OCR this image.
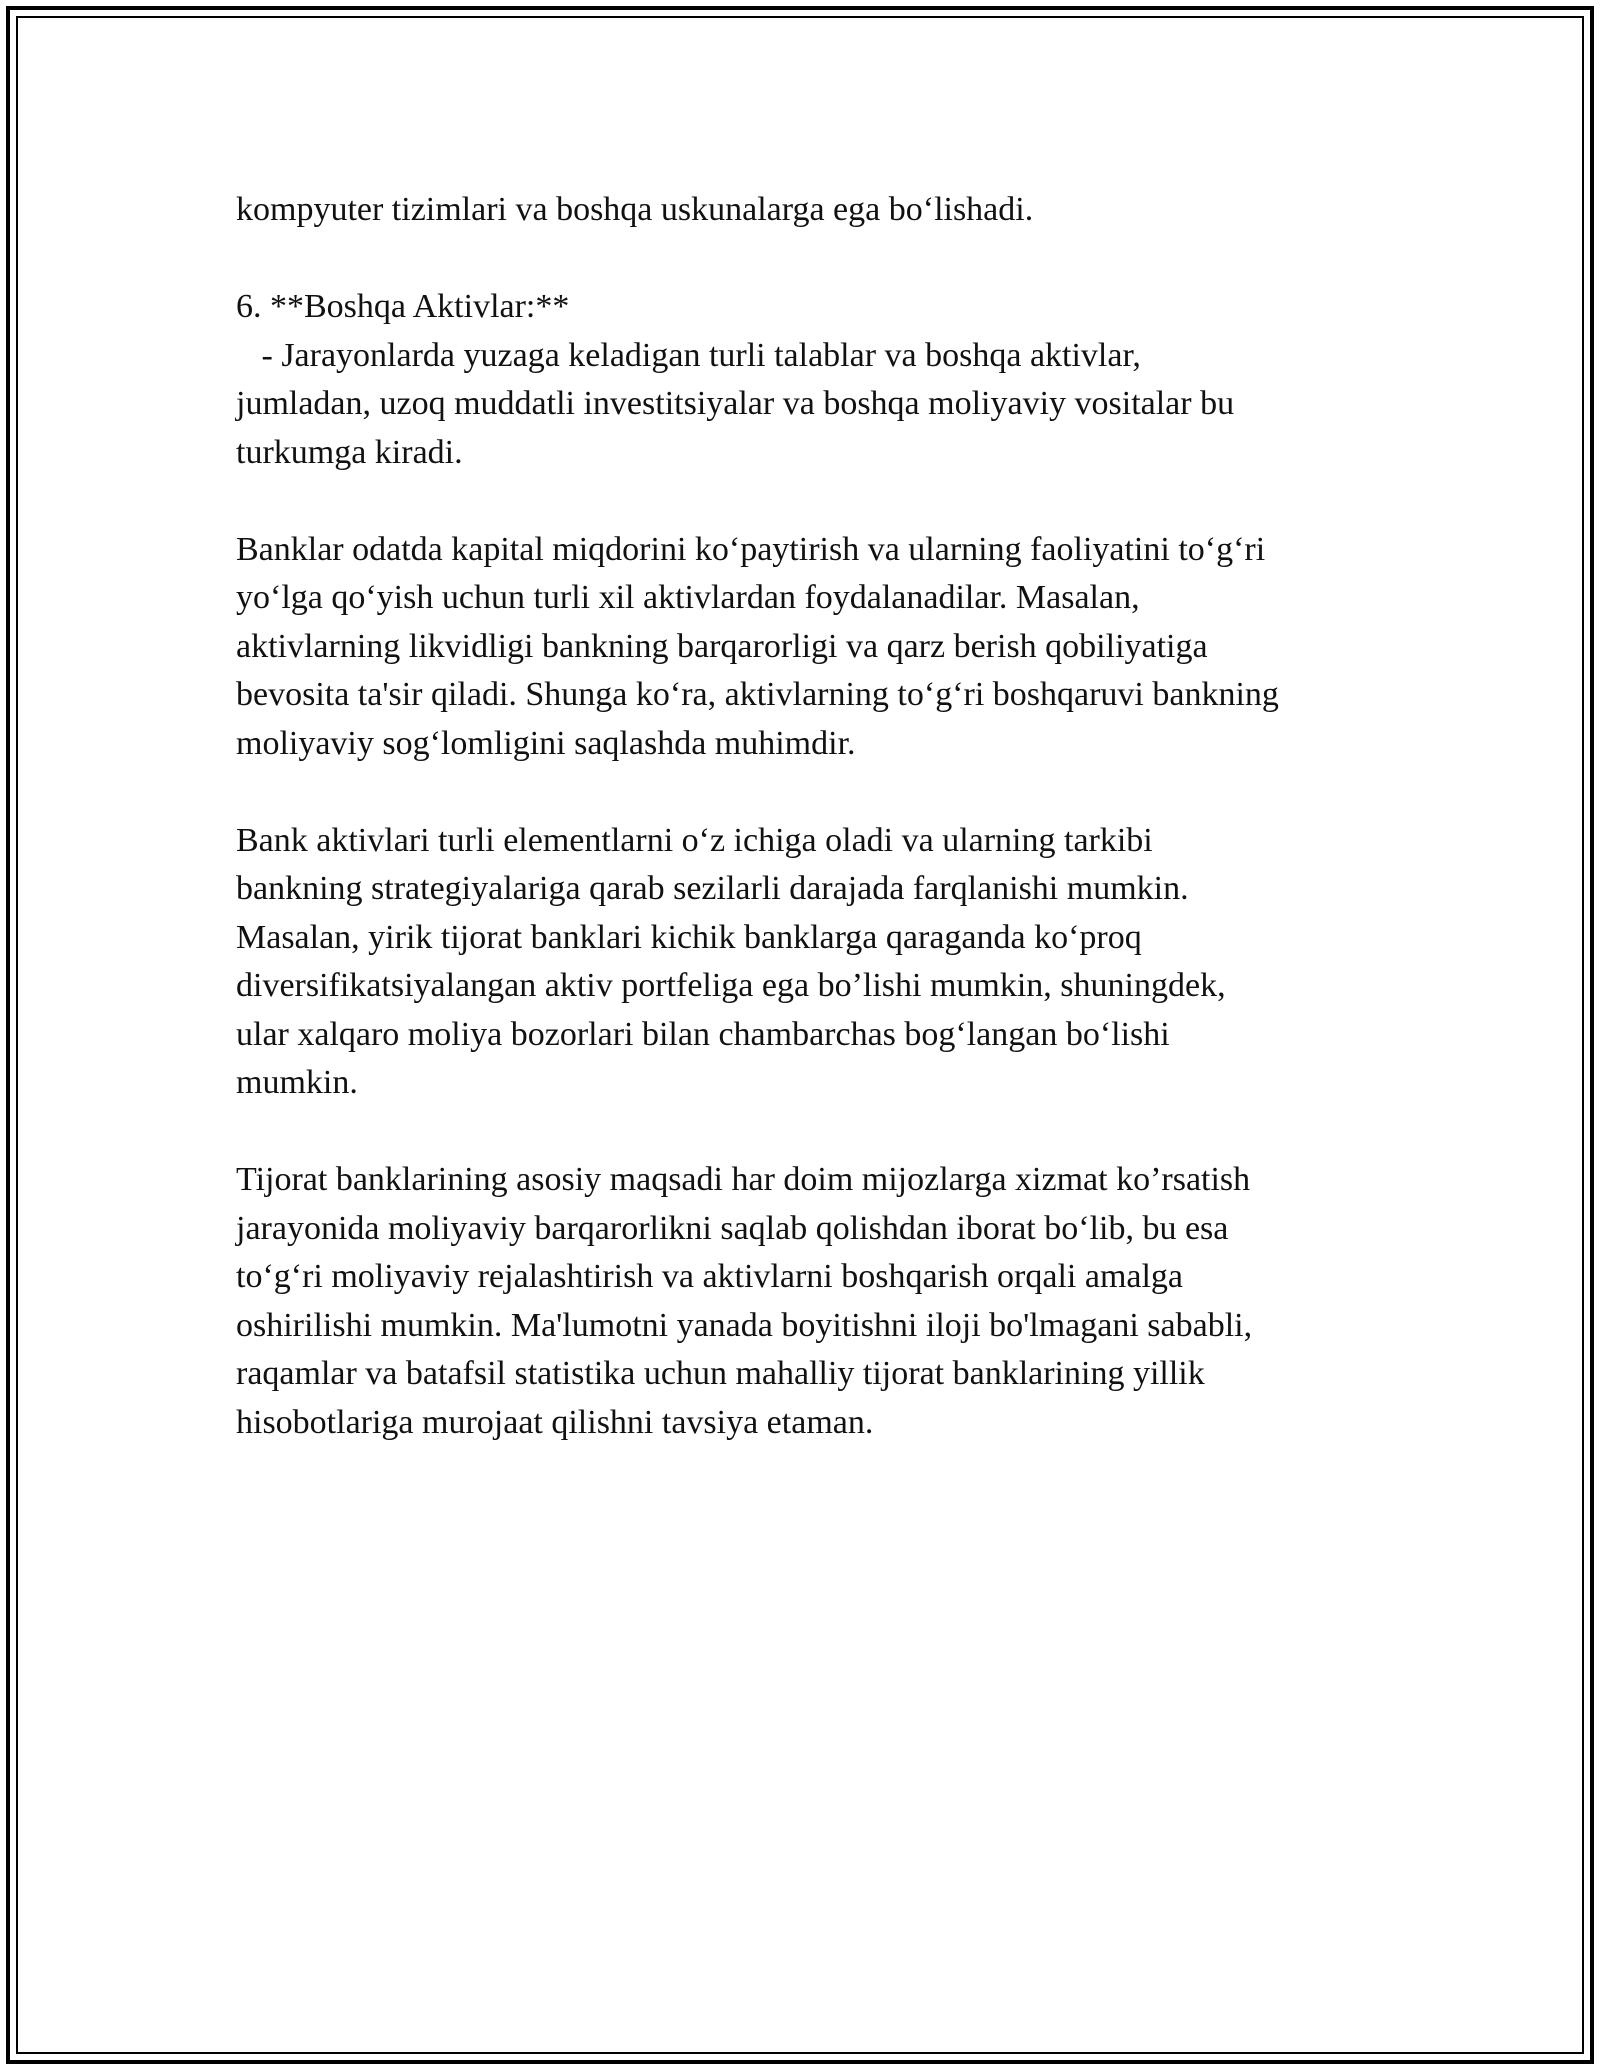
kompyuter tizimlari va boshqa uskunalarga ega bo‘lishadi.
6. **Boshqa Aktivlar:**
- Jarayonlarda yuzaga keladigan turli talablar va boshqa aktivlar,
jumladan, uzoq muddatli investitsiyalar va boshqa moliyaviy vositalar bu
turkumga kiradi.
Banklar odatda kapital miqdorini ko‘paytirish va ularning faoliyatini to‘g‘ri
yo‘lga qo‘yish uchun turli xil aktivlardan foydalanadilar. Masalan,
aktivlarning likvidligi bankning barqarorligi va qarz berish qobiliyatiga
bevosita ta'sir qiladi. Shunga ko‘ra, aktivlarning to‘g‘ri boshqaruvi bankning
moliyaviy sog‘lomligini saqlashda muhimdir.
Bank aktivlari turli elementlarni o‘z ichiga oladi va ularning tarkibi
bankning strategiyalariga qarab sezilarli darajada farqlanishi mumkin.
Masalan, yirik tijorat banklari kichik banklarga qaraganda ko‘proq
diversifikatsiyalangan aktiv portfeliga ega bo’lishi mumkin, shuningdek,
ular xalqaro moliya bozorlari bilan chambarchas bog‘langan bo‘lishi
mumkin.
Tijorat banklarining asosiy maqsadi har doim mijozlarga xizmat ko’rsatish
jarayonida moliyaviy barqarorlikni saqlab qolishdan iborat bo‘lib, bu esa
to‘g‘ri moliyaviy rejalashtirish va aktivlarni boshqarish orqali amalga
oshirilishi mumkin. Ma'lumotni yanada boyitishni iloji bo'lmagani sababli,
raqamlar va batafsil statistika uchun mahalliy tijorat banklarining yillik
hisobotlariga murojaat qilishni tavsiya etaman.
